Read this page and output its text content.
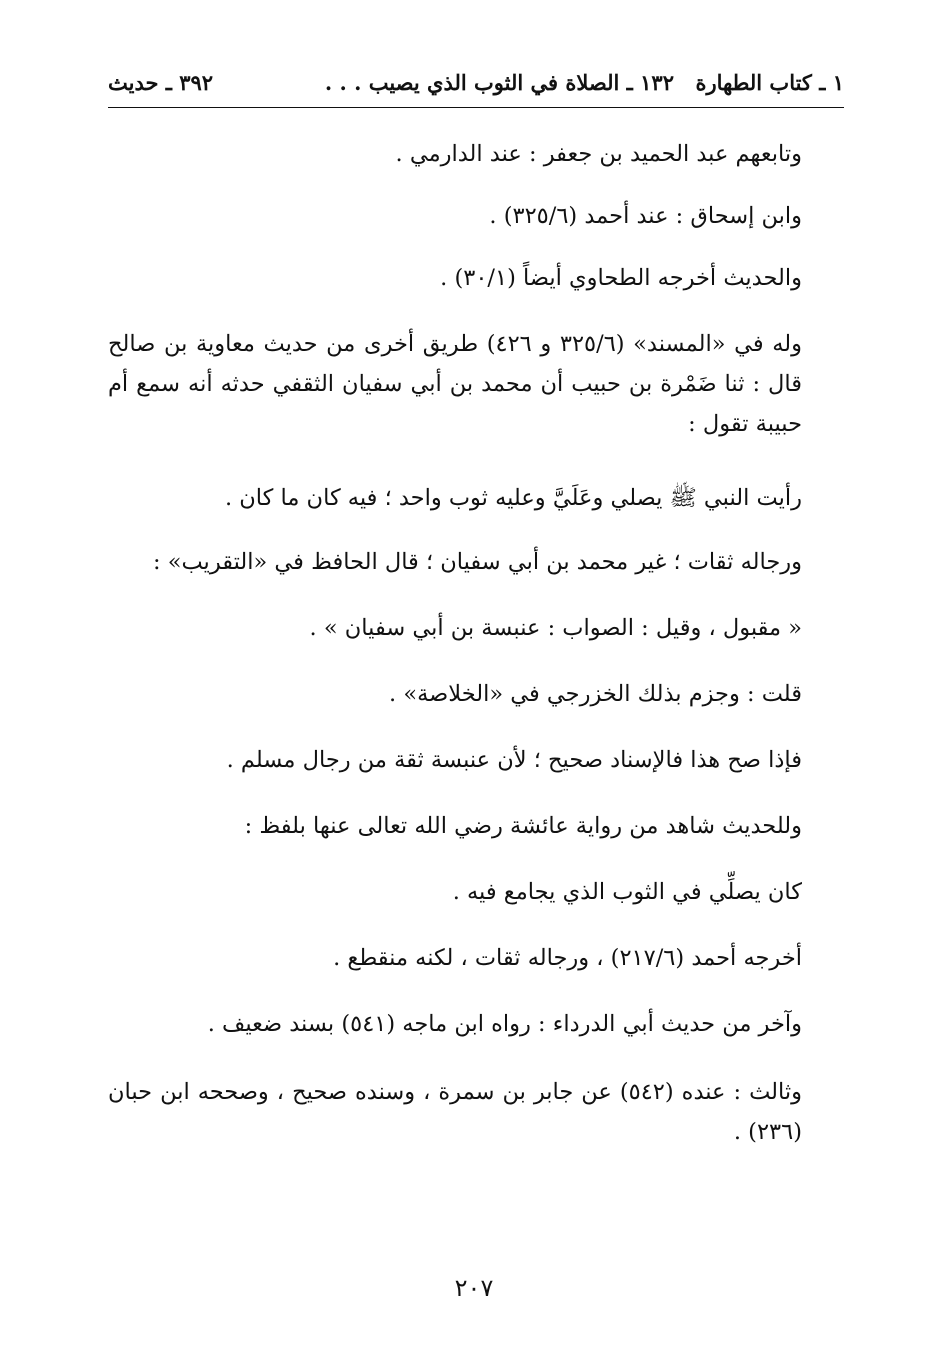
١ ـ كتاب الطهارة
١٣٢ ـ الصلاة في الثوب الذي يصيب . . .
٣٩٢ ـ حديث
وتابعهم عبد الحميد بن جعفر : عند الدارمي .
وابن إسحاق : عند أحمد (٣٢٥/٦) .
والحديث أخرجه الطحاوي أيضاً (٣٠/١) .
وله في «المسند» (٣٢٥/٦ و ٤٢٦) طريق أخرى من حديث معاوية بن صالح قال : ثنا ضَمْرة بن حبيب أن محمد بن أبي سفيان الثقفي حدثه أنه سمع أم حبيبة تقول :
رأيت النبي ﷺ يصلي وعَلَيَّ وعليه ثوب واحد ؛ فيه كان ما كان .
ورجاله ثقات ؛ غير محمد بن أبي سفيان ؛ قال الحافظ في «التقريب» :
« مقبول ، وقيل : الصواب : عنبسة بن أبي سفيان » .
قلت : وجزم بذلك الخزرجي في «الخلاصة» .
فإذا صح هذا فالإسناد صحيح ؛ لأن عنبسة ثقة من رجال مسلم .
وللحديث شاهد من رواية عائشة رضي الله تعالى عنها بلفظ :
كان يصلِّي في الثوب الذي يجامع فيه .
أخرجه أحمد (٢١٧/٦) ، ورجاله ثقات ، لكنه منقطع .
وآخر من حديث أبي الدرداء : رواه ابن ماجه (٥٤١) بسند ضعيف .
وثالث : عنده (٥٤٢) عن جابر بن سمرة ، وسنده صحيح ، وصححه ابن حبان (٢٣٦) .
٢٠٧
